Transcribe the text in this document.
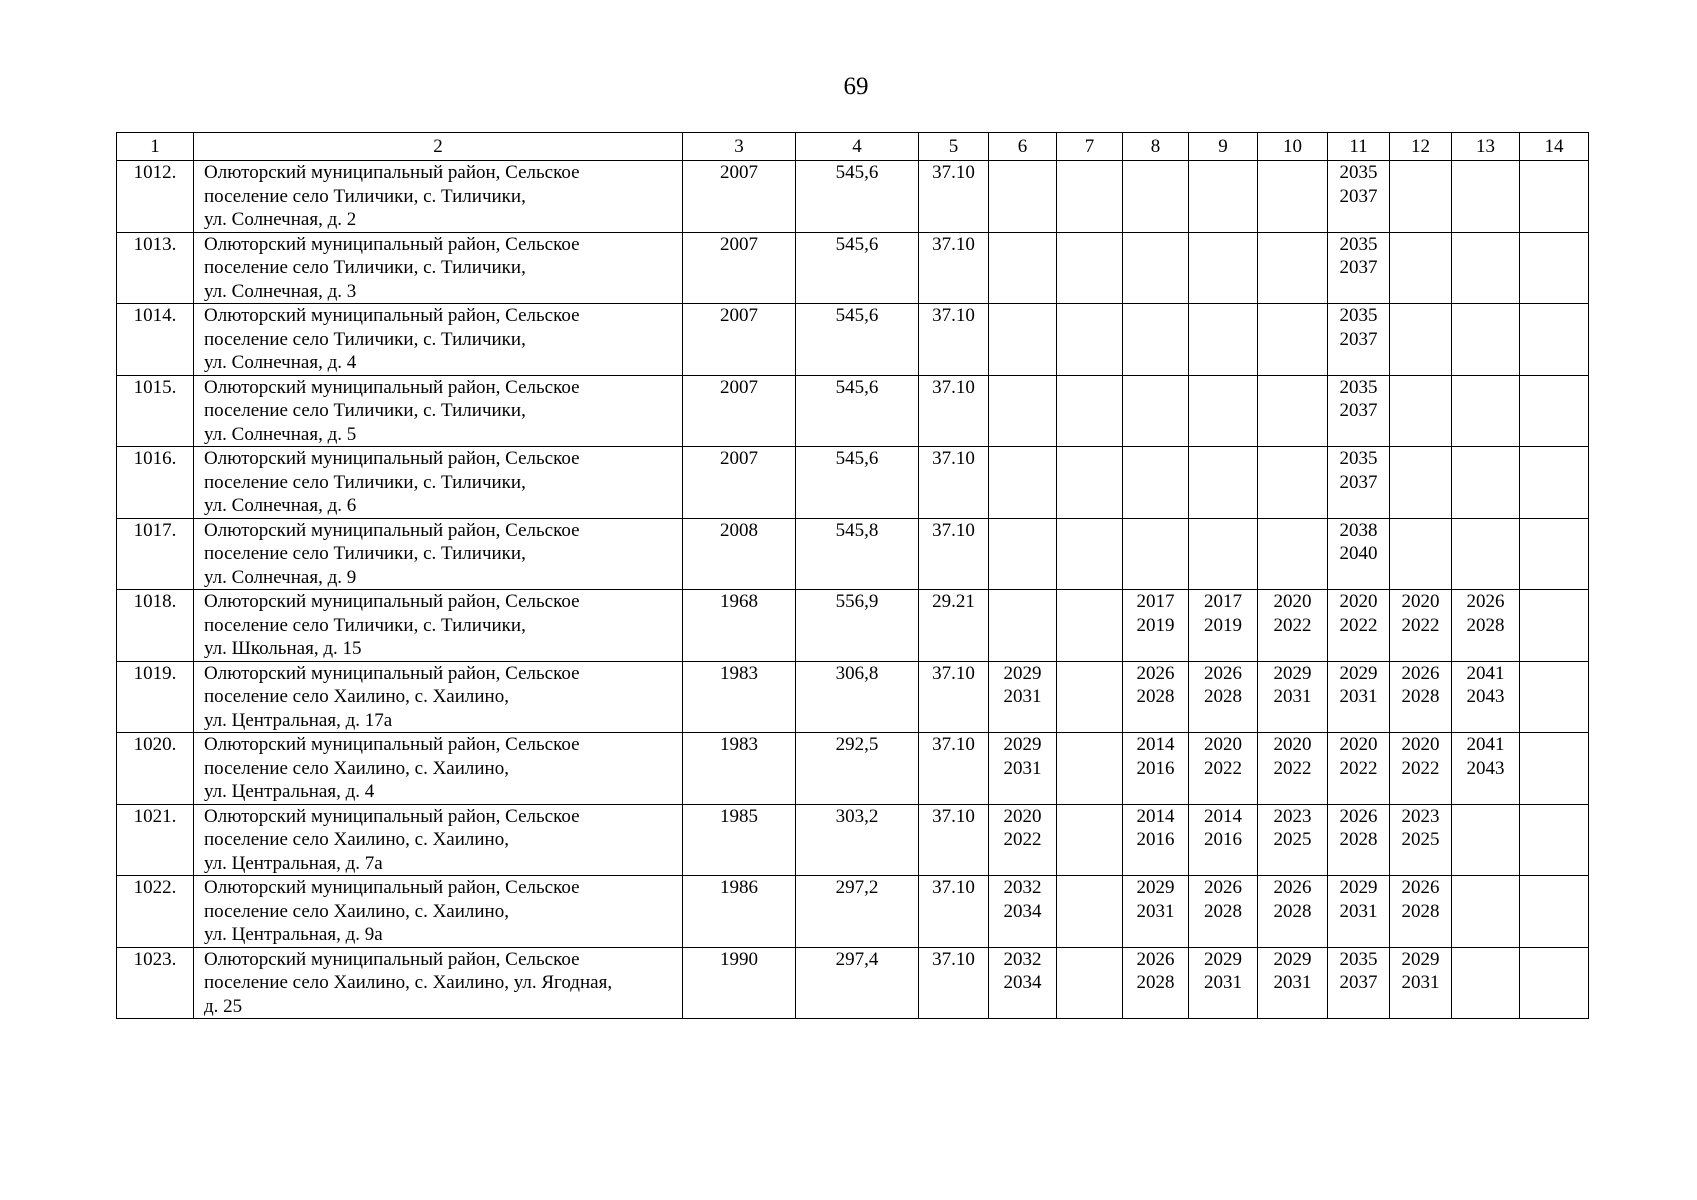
69
1	2	3	4	5	6	7	8	9	10	11	12	13	14
1012.	Олюторский муниципальный район, Сельское
поселение село Тиличики, с. Тиличики,
ул. Солнечная, д. 2	2007	545,6	37.10						2035
2037			

1013.	Олюторский муниципальный район, Сельское
поселение село Тиличики, с. Тиличики,
ул. Солнечная, д. 3	2007	545,6	37.10						2035
2037			

1014.	Олюторский муниципальный район, Сельское
поселение село Тиличики, с. Тиличики,
ул. Солнечная, д. 4	2007	545,6	37.10						2035
2037			

1015.	Олюторский муниципальный район, Сельское
поселение село Тиличики, с. Тиличики,
ул. Солнечная, д. 5	2007	545,6	37.10						2035
2037			

1016.	Олюторский муниципальный район, Сельское
поселение село Тиличики, с. Тиличики,
ул. Солнечная, д. 6	2007	545,6	37.10						2035
2037			

1017.	Олюторский муниципальный район, Сельское
поселение село Тиличики, с. Тиличики,
ул. Солнечная, д. 9	2008	545,8	37.10						2038
2040			

1018.	Олюторский муниципальный район, Сельское
поселение село Тиличики, с. Тиличики,
ул. Школьная, д. 15	1968	556,9	29.21			2017
2019	2017
2019	2020
2022	2020
2022	2020
2022	2026
2028	

1019.	Олюторский муниципальный район, Сельское
поселение село Хаилино, с. Хаилино,
ул. Центральная, д. 17а	1983	306,8	37.10	2029
2031		2026
2028	2026
2028	2029
2031	2029
2031	2026
2028	2041
2043	

1020.	Олюторский муниципальный район, Сельское
поселение село Хаилино, с. Хаилино,
ул. Центральная, д. 4	1983	292,5	37.10	2029
2031		2014
2016	2020
2022	2020
2022	2020
2022	2020
2022	2041
2043	

1021.	Олюторский муниципальный район, Сельское
поселение село Хаилино, с. Хаилино,
ул. Центральная, д. 7а	1985	303,2	37.10	2020
2022		2014
2016	2014
2016	2023
2025	2026
2028	2023
2025		

1022.	Олюторский муниципальный район, Сельское
поселение село Хаилино, с. Хаилино,
ул. Центральная, д. 9а	1986	297,2	37.10	2032
2034		2029
2031	2026
2028	2026
2028	2029
2031	2026
2028		

1023.	Олюторский муниципальный район, Сельское
поселение село Хаилино, с. Хаилино, ул. Ягодная,
д. 25	1990	297,4	37.10	2032
2034		2026
2028	2029
2031	2029
2031	2035
2037	2029
2031		
